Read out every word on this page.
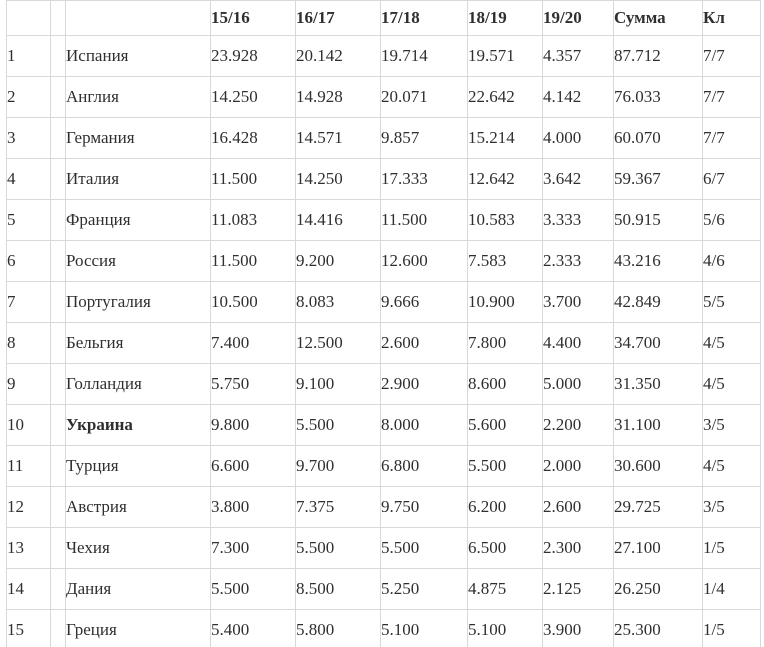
			15/16	16/17	17/18	18/19	19/20	Сумма	Кл
1		Испания	23.928	20.142	19.714	19.571	4.357	87.712	7/7
2		Англия	14.250	14.928	20.071	22.642	4.142	76.033	7/7
3		Германия	16.428	14.571	9.857	15.214	4.000	60.070	7/7
4		Италия	11.500	14.250	17.333	12.642	3.642	59.367	6/7
5		Франция	11.083	14.416	11.500	10.583	3.333	50.915	5/6
6		Россия	11.500	9.200	12.600	7.583	2.333	43.216	4/6
7		Португалия	10.500	8.083	9.666	10.900	3.700	42.849	5/5
8		Бельгия	7.400	12.500	2.600	7.800	4.400	34.700	4/5
9		Голландия	5.750	9.100	2.900	8.600	5.000	31.350	4/5
10		Украина	9.800	5.500	8.000	5.600	2.200	31.100	3/5
11		Турция	6.600	9.700	6.800	5.500	2.000	30.600	4/5
12		Австрия	3.800	7.375	9.750	6.200	2.600	29.725	3/5
13		Чехия	7.300	5.500	5.500	6.500	2.300	27.100	1/5
14		Дания	5.500	8.500	5.250	4.875	2.125	26.250	1/4
15		Греция	5.400	5.800	5.100	5.100	3.900	25.300	1/5
